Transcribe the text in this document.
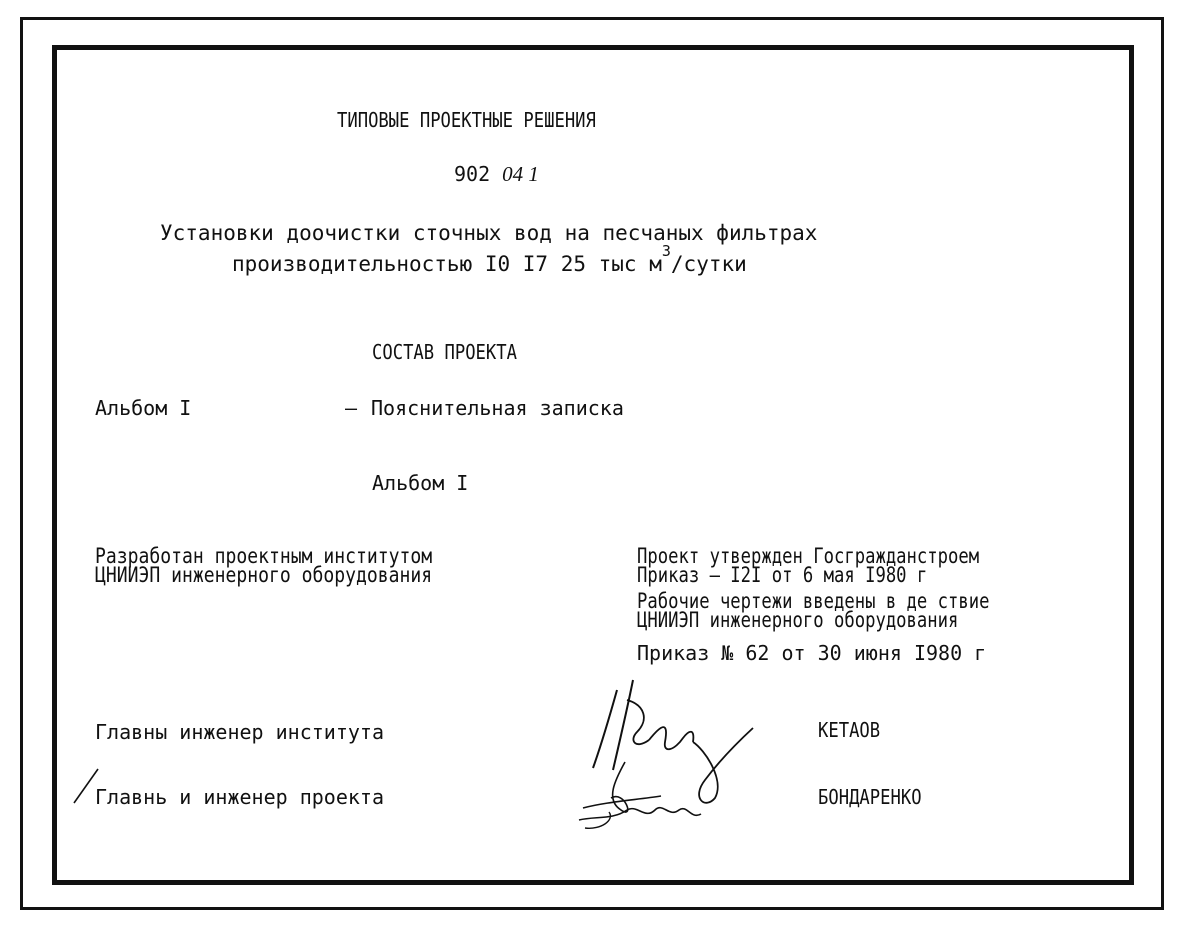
ТИПОВЫЕ ПРОЕКТНЫЕ РЕШЕНИЯ
902 04 1
Установки доочистки сточных вод на песчаных фильтрах
производительностью I0 I7 25 тыс $м^3$/сутки
СОСТАВ ПРОЕКТА
Альбом I	– Пояснительная записка
Альбом I
Разработан проектным институтом
ЦНИИЭП инженерного оборудования
Проект утвержден Госгражданстроем
Приказ – I2I от 6 мая I980 г
Рабочие чертежи введены в де ствие
ЦНИИЭП инженерного оборудования
Приказ № 62 от 30 июня I980 г
Главны инженер института	КЕТАОВ
Главнь и инженер проекта	БОНДАРЕНКО
